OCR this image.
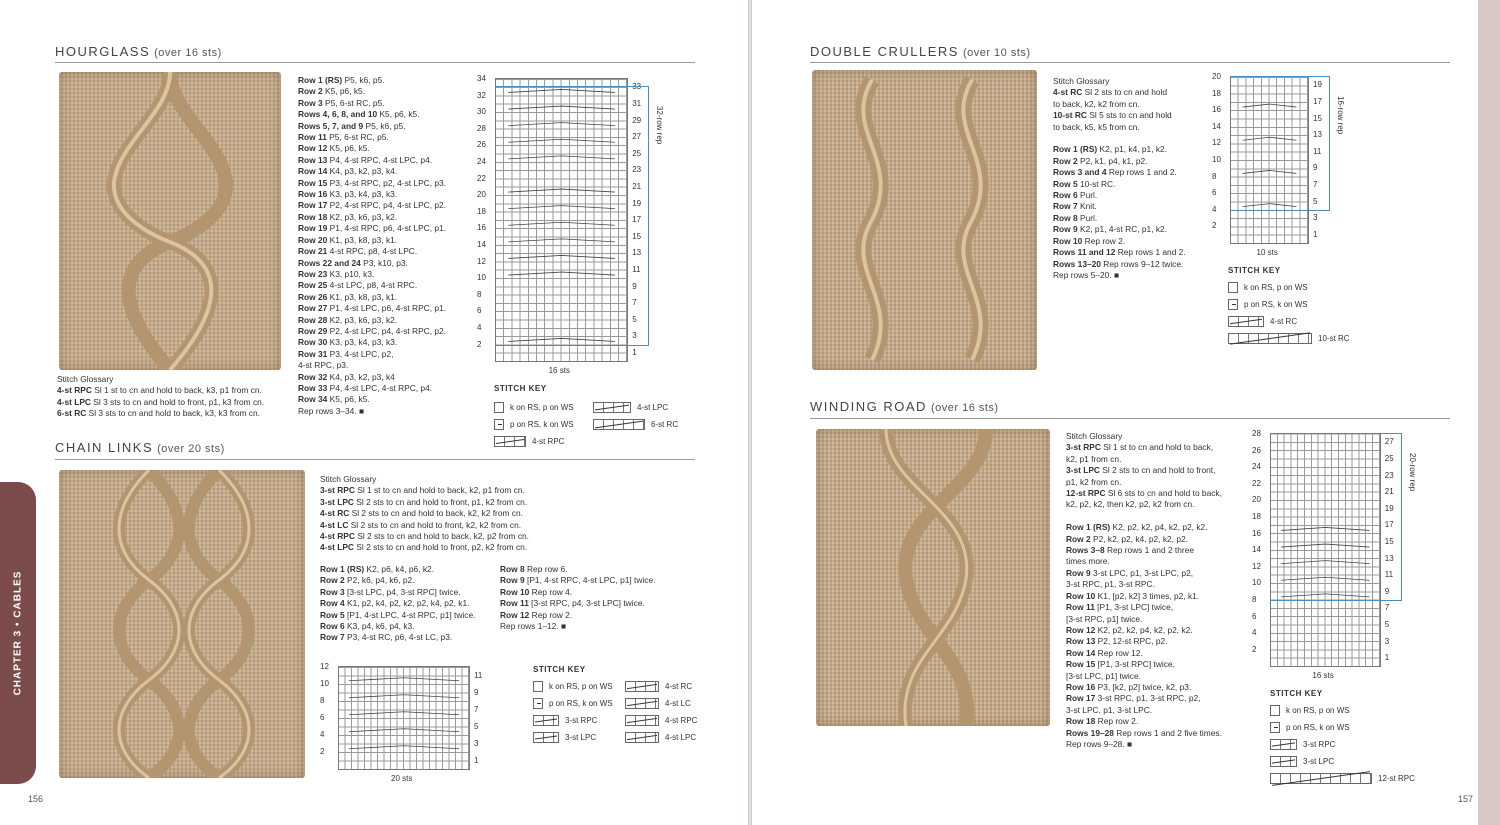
HOURGLASS (over 16 sts)
Row 1 (RS) P5, k6, p5.
Row 2 K5, p6, k5.
Row 3 P5, 6-st RC, p5.
Rows 4, 6, 8, and 10 K5, p6, k5.
Rows 5, 7, and 9 P5, k6, p5.
Row 11 P5, 6-st RC, p5.
Row 12 K5, p6, k5.
Row 13 P4, 4-st RPC, 4-st LPC, p4.
Row 14 K4, p3, k2, p3, k4.
Row 15 P3, 4-st RPC, p2, 4-st LPC, p3.
Row 16 K3, p3, k4, p3, k3.
Row 17 P2, 4-st RPC, p4, 4-st LPC, p2.
Row 18 K2, p3, k6, p3, k2.
Row 19 P1, 4-st RPC, p6, 4-st LPC, p1.
Row 20 K1, p3, k8, p3, k1.
Row 21 4-st RPC, p8, 4-st LPC.
Rows 22 and 24 P3, k10, p3.
Row 23 K3, p10, k3.
Row 25 4-st LPC, p8, 4-st RPC.
Row 26 K1, p3, k8, p3, k1.
Row 27 P1, 4-st LPC, p6, 4-st RPC, p1.
Row 28 K2, p3, k6, p3, k2.
Row 29 P2, 4-st LPC, p4, 4-st RPC, p2.
Row 30 K3, p3, k4, p3, k3.
Row 31 P3, 4-st LPC, p2,
4-st RPC, p3.
Row 32 K4, p3, k2, p3, k4
Row 33 P4, 4-st LPC, 4-st RPC, p4.
Row 34 K5, p6, k5.
Rep rows 3–34. ■
Stitch Glossary
4-st RPC Sl 1 st to cn and hold to back, k3, p1 from cn.
4-st LPC Sl 3 sts to cn and hold to front, p1, k3 from cn.
6-st RC Sl 3 sts to cn and hold to back, k3, k3 from cn.
34
32
30
28
26
24
22
20
18
16
14
12
10
8
6
4
2
33
31
29
27
25
23
21
19
17
15
13
11
9
7
5
3
1
32-row rep
16 sts
STITCH KEY
k on RS, p on WS
p on RS, k on WS
4-st RPC
4-st LPC
6-st RC
CHAIN LINKS (over 20 sts)
Stitch Glossary
3-st RPC Sl 1 st to cn and hold to back, k2, p1 from cn.
3-st LPC Sl 2 sts to cn and hold to front, p1, k2 from cn.
4-st RC Sl 2 sts to cn and hold to back, k2, k2 from cn.
4-st LC Sl 2 sts to cn and hold to front, k2, k2 from cn.
4-st RPC Sl 2 sts to cn and hold to back, k2, p2 from cn.
4-st LPC Sl 2 sts to cn and hold to front, p2, k2 from cn.
Row 1 (RS) K2, p6, k4, p6, k2.
Row 2 P2, k6, p4, k6, p2.
Row 3 [3-st LPC, p4, 3-st RPC] twice.
Row 4 K1, p2, k4, p2, k2, p2, k4, p2, k1.
Row 5 [P1, 4-st LPC, 4-st RPC, p1] twice.
Row 6 K3, p4, k6, p4, k3.
Row 7 P3, 4-st RC, p6, 4-st LC, p3.
Row 8 Rep row 6.
Row 9 [P1, 4-st RPC, 4-st LPC, p1] twice.
Row 10 Rep row 4.
Row 11 [3-st RPC, p4, 3-st LPC] twice.
Row 12 Rep row 2.
Rep rows 1–12. ■
12
10
8
6
4
2
11
9
7
5
3
1
20 sts
STITCH KEY
k on RS, p on WS
p on RS, k on WS
3-st RPC
3-st LPC
4-st RC
4-st LC
4-st RPC
4-st LPC
CHAPTER 3 • CABLES
156
DOUBLE CRULLERS (over 10 sts)
Stitch Glossary
4-st RC Sl 2 sts to cn and hold
to back, k2, k2 from cn.
10-st RC Sl 5 sts to cn and hold
to back, k5, k5 from cn.

Row 1 (RS) K2, p1, k4, p1, k2.
Row 2 P2, k1, p4, k1, p2.
Rows 3 and 4 Rep rows 1 and 2.
Row 5 10-st RC.
Row 6 Purl.
Row 7 Knit.
Row 8 Purl.
Row 9 K2, p1, 4-st RC, p1, k2.
Row 10 Rep row 2.
Rows 11 and 12 Rep rows 1 and 2.
Rows 13–20 Rep rows 9–12 twice.
Rep rows 5–20. ■
20
18
16
14
12
10
8
6
4
2
19
17
15
13
11
9
7
5
3
1
16-row rep
10 sts
STITCH KEY
k on RS, p on WS
p on RS, k on WS
4-st RC
10-st RC
WINDING ROAD (over 16 sts)
Stitch Glossary
3-st RPC Sl 1 st to cn and hold to back,
k2, p1 from cn.
3-st LPC Sl 2 sts to cn and hold to front,
p1, k2 from cn.
12-st RPC Sl 6 sts to cn and hold to back,
k2, p2, k2, then k2, p2, k2 from cn.

Row 1 (RS) K2, p2, k2, p4, k2, p2, k2.
Row 2 P2, k2, p2, k4, p2, k2, p2.
Rows 3–8 Rep rows 1 and 2 three
times more.
Row 9 3-st LPC, p1, 3-st LPC, p2,
3-st RPC, p1, 3-st RPC.
Row 10 K1, [p2, k2] 3 times, p2, k1.
Row 11 [P1, 3-st LPC] twice,
[3-st RPC, p1] twice.
Row 12 K2, p2, k2, p4, k2, p2, k2.
Row 13 P2, 12-st RPC, p2.
Row 14 Rep row 12.
Row 15 [P1, 3-st RPC] twice,
[3-st LPC, p1] twice.
Row 16 P3, [k2, p2] twice, k2, p3.
Row 17 3-st RPC, p1, 3-st RPC, p2,
3-st LPC, p1, 3-st LPC.
Row 18 Rep row 2.
Rows 19–28 Rep rows 1 and 2 five times.
Rep rows 9–28. ■
28
26
24
22
20
18
16
14
12
10
8
6
4
2
27
25
23
21
19
17
15
13
11
9
7
5
3
1
20-row rep
16 sts
STITCH KEY
k on RS, p on WS
p on RS, k on WS
3-st RPC
3-st LPC
12-st RPC
157
